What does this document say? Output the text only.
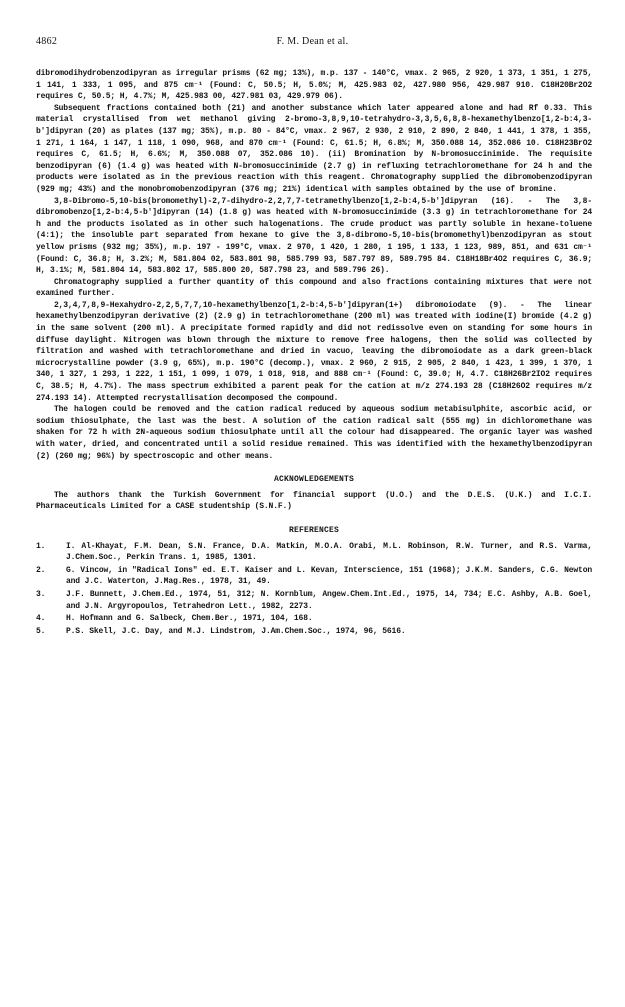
4862	F. M. Dean et al.

dibromodihydrobenzodipyran as irregular prisms (62 mg; 13%), m.p. 137 - 140°C, νmax. 2 965, 2 920, 1 373, 1 351, 1 275, 1 141, 1 333, 1 095, and 875 cm⁻¹ (Found: C, 50.5; H, 5.0%; M, 425.983 02, 427.980 956, 429.987 910. C18H20Br2O2 requires C, 50.5; H, 4.7%; M, 425.983 00, 427.981 03, 429.979 06).

Subsequent fractions contained both (21) and another substance which later appeared alone and had Rf 0.33. This material crystallised from wet methanol giving 2-bromo-3,8,9,10-tetrahydro-3,3,5,6,8,8-hexamethylbenzo[1,2-b:4,3-b']dipyran (20) as plates (137 mg; 35%), m.p. 80 - 84°C, νmax. 2 967, 2 930, 2 910, 2 890, 2 840, 1 441, 1 378, 1 355, 1 271, 1 164, 1 147, 1 118, 1 090, 968, and 870 cm⁻¹ (Found: C, 61.5; H, 6.8%; M, 350.088 14, 352.086 10. C18H23BrO2 requires C, 61.5; H, 6.6%; M, 350.088 07, 352.086 10). (ii) Bromination by N-bromosuccinimide. The requisite benzodipyran (6) (1.4 g) was heated with N-bromosuccinimide (2.7 g) in refluxing tetrachloromethane for 24 h and the products were isolated as in the previous reaction with this reagent. Chromatography supplied the dibromobenzodipyran (929 mg; 43%) and the monobromobenzodipyran (376 mg; 21%) identical with samples obtained by the use of bromine.

3,8-Dibromo-5,10-bis(bromomethyl)-2,7-dihydro-2,2,7,7-tetramethylbenzo[1,2-b:4,5-b']dipyran (16). - The 3,8-dibromobenzo[1,2-b:4,5-b']dipyran (14) (1.8 g) was heated with N-bromosuccinimide (3.3 g) in tetrachloromethane for 24 h and the products isolated as in other such halogenations. The crude product was partly soluble in hexane-toluene (4:1); the insoluble part separated from hexane to give the 3,8-dibromo-5,10-bis(bromomethyl)benzodipyran as stout yellow prisms (932 mg; 35%), m.p. 197 - 199°C, νmax. 2 970, 1 420, 1 280, 1 195, 1 133, 1 123, 989, 851, and 631 cm⁻¹ (Found: C, 36.8; H, 3.2%; M, 581.804 02, 583.801 98, 585.799 93, 587.797 89, 589.795 84. C18H18Br4O2 requires C, 36.9; H, 3.1%; M, 581.804 14, 583.802 17, 585.800 20, 587.798 23, and 589.796 26).

Chromatography supplied a further quantity of this compound and also fractions containing mixtures that were not examined further.

2,3,4,7,8,9-Hexahydro-2,2,5,7,7,10-hexamethylbenzo[1,2-b:4,5-b']dipyran(1+) dibromoiodate (9). - The linear hexamethylbenzodipyran derivative (2) (2.9 g) in tetrachloromethane (200 ml) was treated with iodine(I) bromide (4.2 g) in the same solvent (200 ml). A precipitate formed rapidly and did not redissolve even on standing for some hours in diffuse daylight. Nitrogen was blown through the mixture to remove free halogens, then the solid was collected by filtration and washed with tetrachloromethane and dried in vacuo, leaving the dibromoiodate as a dark green-black microcrystalline powder (3.9 g, 65%), m.p. 190°C (decomp.), νmax. 2 960, 2 915, 2 905, 2 840, 1 423, 1 399, 1 370, 1 340, 1 327, 1 293, 1 222, 1 151, 1 099, 1 079, 1 018, 918, and 888 cm⁻¹ (Found: C, 39.0; H, 4.7. C18H26Br2IO2 requires C, 38.5; H, 4.7%). The mass spectrum exhibited a parent peak for the cation at m/z 274.193 28 (C18H26O2 requires m/z 274.193 14). Attempted recrystallisation decomposed the compound.

The halogen could be removed and the cation radical reduced by aqueous sodium metabisulphite, ascorbic acid, or sodium thiosulphate, the last was the best. A solution of the cation radical salt (555 mg) in dichloromethane was shaken for 72 h with 2N-aqueous sodium thiosulphate until all the colour had disappeared. The organic layer was washed with water, dried, and concentrated until a solid residue remained. This was identified with the hexamethylbenzodipyran (2) (260 mg; 96%) by spectroscopic and other means.

ACKNOWLEDGEMENTS

The authors thank the Turkish Government for financial support (U.O.) and the D.E.S. (U.K.) and I.C.I. Pharmaceuticals Limited for a CASE studentship (S.N.F.)

REFERENCES
1.	I. Al-Khayat, F.M. Dean, S.N. France, D.A. Matkin, M.O.A. Orabi, M.L. Robinson, R.W. Turner, and R.S. Varma, J.Chem.Soc., Perkin Trans. 1, 1985, 1301.
2.	G. Vincow, in "Radical Ions" ed. E.T. Kaiser and L. Kevan, Interscience, 151 (1968); J.K.M. Sanders, C.G. Newton and J.C. Waterton, J.Mag.Res., 1978, 31, 49.
3.	J.F. Bunnett, J.Chem.Ed., 1974, 51, 312; N. Kornblum, Angew.Chem.Int.Ed., 1975, 14, 734; E.C. Ashby, A.B. Goel, and J.N. Argyropoulos, Tetrahedron Lett., 1982, 2273.
4.	H. Hofmann and G. Salbeck, Chem.Ber., 1971, 104, 168.
5.	P.S. Skell, J.C. Day, and M.J. Lindstrom, J.Am.Chem.Soc., 1974, 96, 5616.
